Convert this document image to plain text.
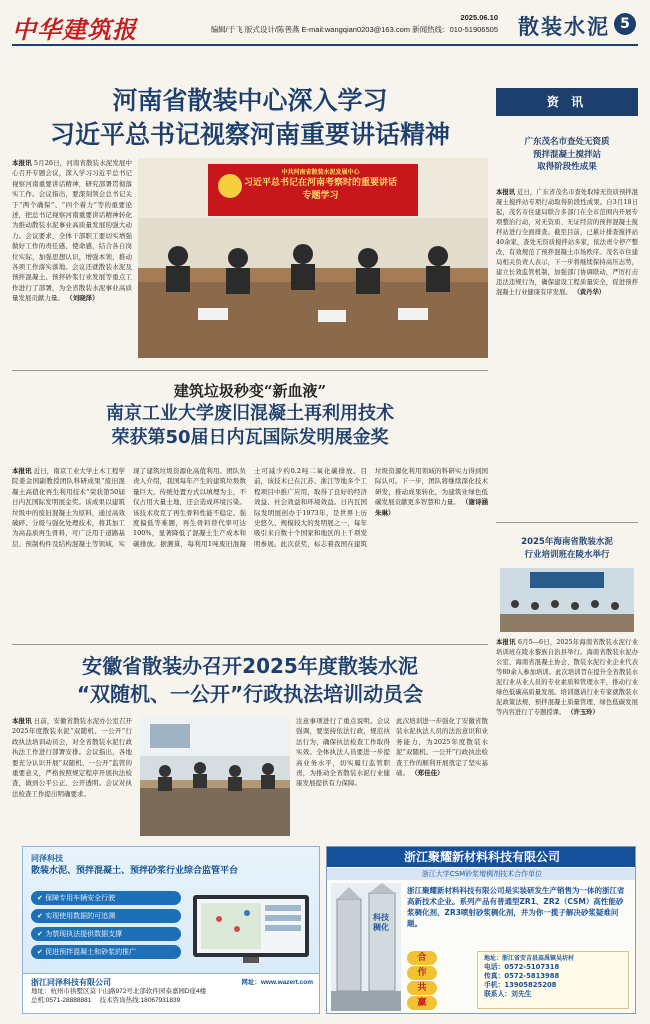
中华建筑报	2025.06.10
编辑/于飞 版式设计/陈善燕 E-mail:wangqian0203@163.com 新闻热线：010-51906505 散装水泥 5
河南省散装中心深入学习
习近平总书记视察河南重要讲话精神
本报讯 5月26日，河南省散装水泥发展中心召开专题会议，深入学习习近平总书记视察河南重要讲话精神，研究部署贯彻落实工作。会议指出，要深刻领会总书记关于“两个确保”、“四个着力”等的重要论述，把总书记视察河南重要讲话精神转化为推动散装水泥事业高质量发展的强大动力。会议要求，全体干部职工要切实增强做好工作的责任感、使命感，结合各自岗位实际，加强思想认识，增强本领，推动各项工作落实落地。会议还就散装水泥及预拌混凝土、预拌砂浆行业发展等重点工作进行了部署，为全省散装水泥事业高质量发展贡献力量。 （刘晓泽）
中共河南省散装水泥发展中心
习近平总书记在河南考察时的重要讲话
专题学习
建筑垃圾秒变“新血液”
南京工业大学废旧混凝土再利用技术
荣获第50届日内瓦国际发明展金奖
本报讯 近日，南京工业大学土木工程学院姜金国副教授团队科研成果“废旧混凝土高值化再生利用技术”荣获第50届日内瓦国际发明展金奖。该成果以建筑垃圾中的废旧混凝土为原料，通过高效破碎、分级与强化处理技术，将其加工为高品质再生骨料，可广泛用于道路基层、预制构件及结构混凝土等领域，实现了建筑垃圾资源化高值利用。团队负责人介绍，我国每年产生的建筑垃圾数量巨大，传统处置方式以填埋为主，不仅占用大量土地，还会造成环境污染。该技术攻克了再生骨料性能不稳定、强度偏低等难题，再生骨料替代率可达100%，显著降低了混凝土生产成本和碳排放。据测算，每利用1吨废旧混凝土可减少约0.2吨二氧化碳排放。目前，该技术已在江苏、浙江等地多个工程项目中推广应用，取得了良好的经济效益、社会效益和环境效益。日内瓦国际发明展创办于1973年，是世界上历史悠久、规模较大的发明展之一，每年吸引来自数十个国家和地区的上千项发明参展。此次获奖，标志着我国在建筑垃圾资源化利用领域的科研实力得到国际认可。下一步，团队将继续深化技术研发，推动成果转化，为建筑业绿色低碳发展贡献更多智慧和力量。 （谢诗涵 朱琳）
安徽省散装办召开2025年度散装水泥
“双随机、一公开”行政执法培训动员会
本报讯 日前，安徽省散装水泥办公室召开2025年度散装水泥“双随机、一公开”行政执法培训动员会，对全省散装水泥行政执法工作进行部署安排。会议指出，各地要充分认识开展“双随机、一公开”监管的重要意义，严格按照规定程序开展执法检查，做到公平公正、公开透明。会议对执法检查工作提出明确要求。
注意事项进行了重点说明。会议强调，要坚持依法行政，规范执法行为，确保执法检查工作取得实效。全体执法人员要进一步提高业务水平，切实履行监管职责，为推动全省散装水泥行业健康发展提供有力保障。
此次培训进一步强化了安徽省散装水泥执法人员的法治意识和业务能力，为2025年度散装水泥“双随机、一公开”行政执法检查工作的顺利开展奠定了坚实基础。 （郑佳佳）
资 讯
广东茂名市查处无资质
预拌混凝土搅拌站
取得阶段性成果
本报讯 近日，广东省茂名市查处取缔无资质预拌混凝土搅拌站专项行动取得阶段性成果。自3月18日起，茂名市住建局联合多部门在全市范围内开展专项整治行动，对无资质、无证经营的预拌混凝土搅拌站进行全面排查。截至目前，已累计排查搅拌站40余家，查处无资质搅拌站多家，依法责令停产整改，有效规范了预拌混凝土市场秩序。茂名市住建局相关负责人表示，下一步将继续保持高压态势，建立长效监管机制，加强部门协调联动，严厉打击违法违规行为，确保建设工程质量安全，促进预拌混凝土行业健康有序发展。 （黄丹华）
2025年海南省散装水泥
行业培训班在陵水举行
本报讯 6月5—6日，2025年海南省散装水泥行业培训班在陵水黎族自治县举行。海南省散装水泥办公室、海南省混凝土协会、散装水泥行业企业代表等80余人参加培训。此次培训旨在提升全省散装水泥行业从业人员的专业素质和管理水平，推动行业绿色低碳高质量发展。培训邀请行业专家就散装水泥政策法规、预拌混凝土质量管理、绿色低碳发展等内容进行了专题授课。 （许玉玲）
同泽科技
散装水泥、预拌混凝土、预拌砂浆行业综合监管平台
✔ 保障专用车辆安全行驶
✔ 实现使用数据的可追溯
✔ 为禁现执法提供数据支撑
✔ 促进预拌混凝土和砂浆的推广
浙江同泽科技有限公司
地址：杭州市拱墅区莫干山路972号北部软件园泰嘉园D座4楼
总机:0571-28888881　 技术咨询热线:18067931839
网址：www.wazert.com
浙江聚耀新材料科技有限公司
浙江大学CSM砂浆增稠剂技术合作单位
科技稠化
浙江聚耀新材料科技有限公司是实装研发生产销售为一体的浙江省高新技术企业。系列产品有普通型ZR1、ZR2（CSM）高性能砂浆稠化剂、ZR3喷射砂浆稠化剂，并为你一揽子解决砂浆疑难问题。
合
作
共
赢
地址：浙江省安吉县高禹镇吴坊村
电话：0572-5107318
传真：0572-5813988
手机：13905825208
联系人：刘先生
